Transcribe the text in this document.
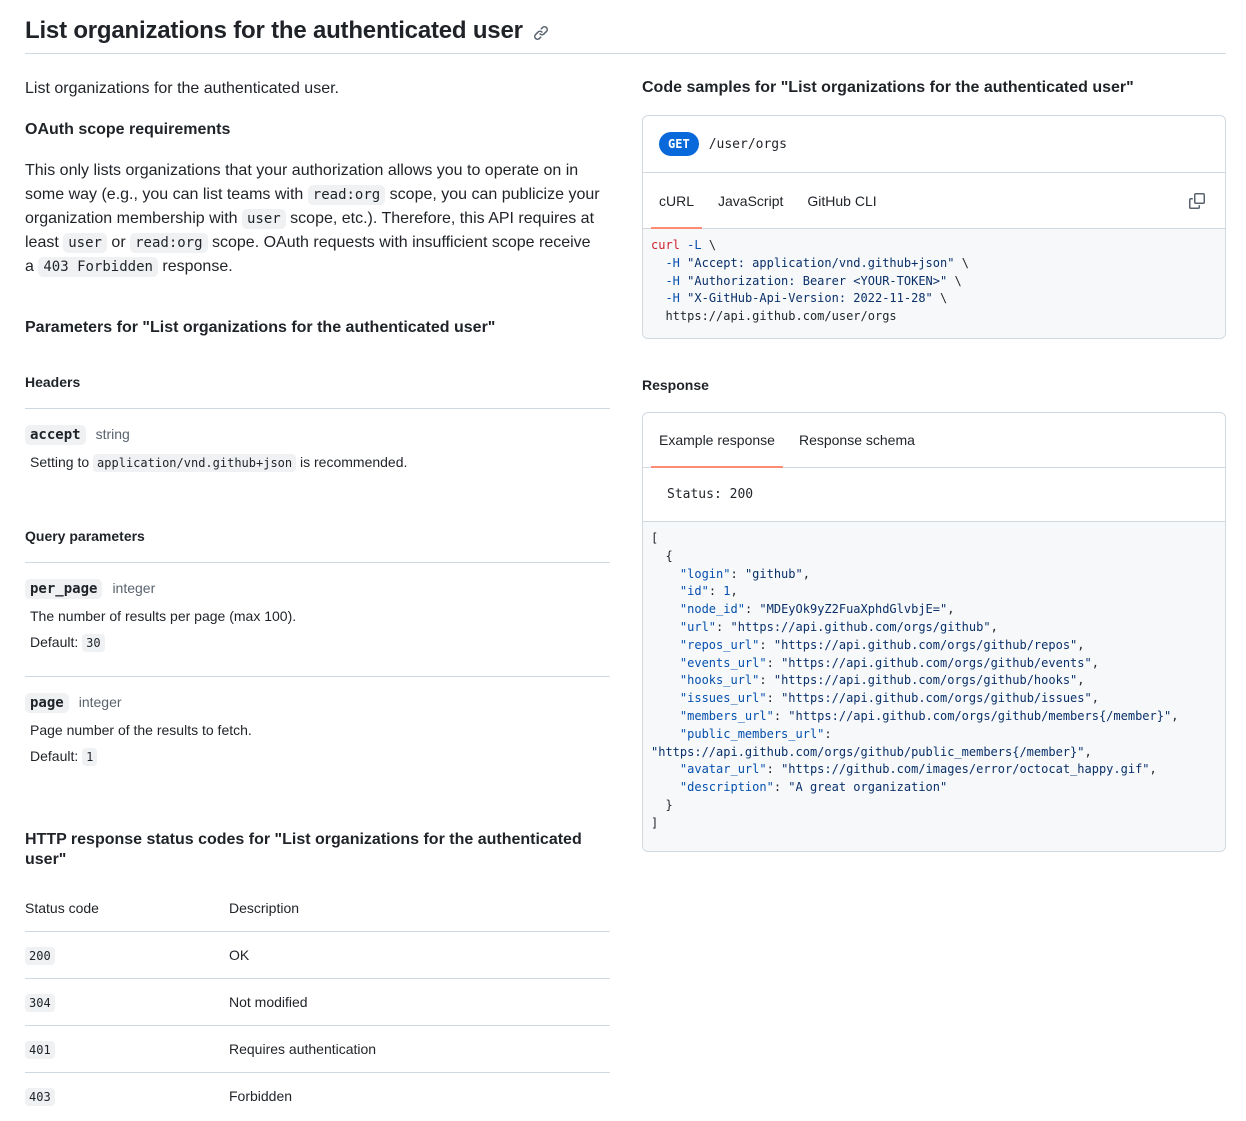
List organizations for the authenticated user

List organizations for the authenticated user.

OAuth scope requirements

This only lists organizations that your authorization allows you to operate on in some way (e.g., you can list teams with read:org scope, you can publicize your organization membership with user scope, etc.). Therefore, this API requires at least user or read:org scope. OAuth requests with insufficient scope receive a 403 Forbidden response.

Parameters for "List organizations for the authenticated user"
Headers
accept string
Setting to application/vnd.github+json is recommended.
Query parameters
per_page integer
The number of results per page (max 100).
Default: 30
page integer
Page number of the results to fetch.
Default: 1
HTTP response status codes for "List organizations for the authenticated user"
Status code	Description
200	OK
304	Not modified
401	Requires authentication
403	Forbidden
Code samples for "List organizations for the authenticated user"
GET	/user/orgs
cURL	JavaScript	GitHub CLI
curl -L \
-H "Accept: application/vnd.github+json" \
-H "Authorization: Bearer <YOUR-TOKEN>" \
-H "X-GitHub-Api-Version: 2022-11-28" \
https://api.github.com/user/orgs
Response
Example response	Response schema
Status: 200
[
{
"login": "github",
"id": 1,
"node_id": "MDEyOk9yZ2FuaXphdGlvbjE=",
"url": "https://api.github.com/orgs/github",
"repos_url": "https://api.github.com/orgs/github/repos",
"events_url": "https://api.github.com/orgs/github/events",
"hooks_url": "https://api.github.com/orgs/github/hooks",
"issues_url": "https://api.github.com/orgs/github/issues",
"members_url": "https://api.github.com/orgs/github/members{/member}",
"public_members_url":
"https://api.github.com/orgs/github/public_members{/member}",
"avatar_url": "https://github.com/images/error/octocat_happy.gif",
"description": "A great organization"
}
]
